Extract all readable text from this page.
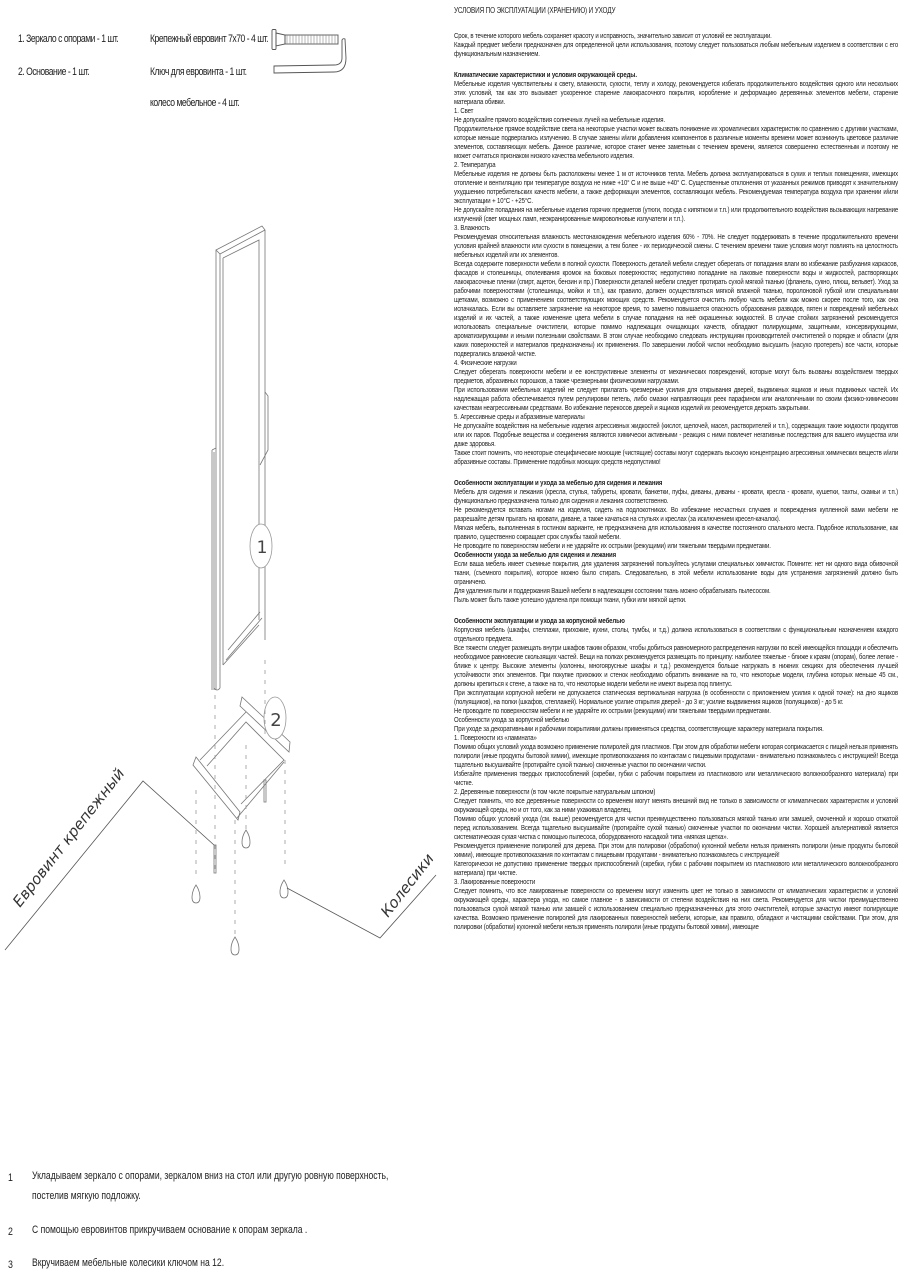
1. Зеркало с опорами - 1 шт.
2. Основание - 1 шт.
Крепежный евровинт 7х70 - 4 шт.
Ключ для евровинта - 1 шт.
колесо мебельное - 4 шт.
1
2
Евровинт крепежный	Колесики
1 Укладываем зеркало с опорами, зеркалом вниз на стол или другую ровную поверхность,
постелив мягкую подложку.
2 С помощью евровинтов прикручиваем основание к опорам зеркала .
3 Вкручиваем мебельные колесики ключом на 12.

УСЛОВИЯ ПО ЭКСПЛУАТАЦИИ (ХРАНЕНИЮ) И УХОДУ

Срок, в течение которого мебель сохраняет красоту и исправность, значительно зависит от условий ее эксплуатации.

Каждый предмет мебели предназначен для определенной цели использования, поэтому следует пользоваться любым мебельным изделием в соответствии с его функциональным назначением.

Климатические характеристики и условия окружающей среды.

Мебельные изделия чувствительны к свету, влажности, сухости, теплу и холоду, рекомендуется избегать продолжительного воздействия одного или нескольких этих условий, так как это вызывает ускоренное старение лакокрасочного покрытия, коробление и деформацию деревянных элементов мебели, старение материала обивки.

1. Свет

Не допускайте прямого воздействия солнечных лучей на мебельные изделия.

Продолжительное прямое воздействие света на некоторые участки может вызвать понижение их хроматических характеристик по сравнению с другими участками, которые меньше подвергались излучению. В случае замены и/или добавления компонентов в различные моменты времени может возникнуть цветовое различие элементов, составляющих мебель. Данное различие, которое станет менее заметным с течением времени, является совершенно естественным и поэтому не может считаться признаком низкого качества мебельного изделия.

2. Температура

Мебельные изделия не должны быть расположены менее 1 м от источников тепла. Мебель должна эксплуатироваться в сухих и теплых помещениях, имеющих отопление и вентиляцию при температуре воздуха не ниже +10° С и не выше +40° С. Существенные отклонения от указанных режимов приводят к значительному ухудшению потребительских качеств мебели, а также деформации элементов, составляющих мебель. Рекомендуемая температура воздуха при хранении и/или эксплуатации + 10°С - +25°С.

Не допускайте попадания на мебельные изделия горячих предметов (утюги, посуда с кипятком и т.п.) или продолжительного воздействия вызывающих нагревание излучений (свет мощных ламп, неэкранированные микроволновые излучатели и т.п.).

3. Влажность

Рекомендуемая относительная влажность местонахождения мебельного изделия 60% - 70%. Не следует поддерживать в течение продолжительного времени условия крайней влажности или сухости в помещении, а тем более - их периодической смены. С течением времени такие условия могут повлиять на целостность мебельных изделий или их элементов.

Всегда содержите поверхности мебели в полной сухости. Поверхность деталей мебели следует оберегать от попадания влаги во избежание разбухания каркасов, фасадов и столешницы, отклеивания кромок на боковых поверхностях; недопустимо попадание на лаковые поверхности воды и жидкостей, растворяющих лакокрасочные пленки (спирт, ацетон, бензин и пр.) Поверхности деталей мебели следует протирать сухой мягкой тканью (фланель, сукно, плющ, вельвет). Уход за рабочими поверхностями (столешницы, мойки и т.п.), как правило, должен осуществляться мягкой влажной тканью, поролоновой губкой или специальными щетками, возможно с применением соответствующих моющих средств. Рекомендуется очистить любую часть мебели как можно скорее после того, как она испачкалась. Если вы оставляете загрязнение на некоторое время, то заметно повышается опасность образования разводов, пятен и повреждений мебельных изделий и их частей, а также изменение цвета мебели в случае попадания на неё окрашенных жидкостей. В случае стойких загрязнений рекомендуется использовать специальные очистители, которые помимо надлежащих очищающих качеств, обладают полирующими, защитными, консервирующими, ароматизирующими и иными полезными свойствами. В этом случае необходимо следовать инструкциям производителей очистителей о порядке и области (для каких поверхностей и материалов предназначены) их применения. По завершении любой чистки необходимо высушить (насухо протереть) все части, которые подвергались влажной чистке.

4. Физические нагрузки

Следует оберегать поверхности мебели и ее конструктивные элементы от механических повреждений, которые могут быть вызваны воздействием твердых предметов, абразивных порошков, а также чрезмерными физическими нагрузками.

При использовании мебельных изделий не следует прилагать чрезмерные усилия для открывания дверей, выдвижных ящиков и иных подвижных частей. Их надлежащая работа обеспечивается путем регулировки петель, либо смазки направляющих реек парафином или аналогичными по своим физико-химическим качествам неагрессивными средствами. Во избежание перекосов дверей и ящиков изделий их рекомендуется держать закрытыми.

5. Агрессивные среды и абразивные материалы

Не допускайте воздействия на мебельные изделия агрессивных жидкостей (кислот, щелочей, масел, растворителей и т.п.), содержащих такие жидкости продуктов или их паров. Подобные вещества и соединения являются химически активными - реакция с ними повлечет негативные последствия для вашего имущества или даже здоровья.

Также стоит помнить, что некоторые специфические моющие (чистящие) составы могут содержать высокую концентрацию агрессивных химических веществ и/или абразивные составы. Применение подобных моющих средств недопустимо!

Особенности эксплуатации и ухода за мебелью для сидения и лежания

Мебель для сидения и лежания (кресла, стулья, табуреты, кровати, банкетки, пуфы, диваны, диваны - кровати, кресла - кровати, кушетки, тахты, скамьи и т.п.) функционально предназначена только для сидения и лежания соответственно.

Не рекомендуется вставать ногами на изделия, сидеть на подлокотниках. Во избежание несчастных случаев и повреждения купленной вами мебели не разрешайте детям прыгать на кровати, диване, а также качаться на стульях и креслах (за исключением кресел-качалок).

Мягкая мебель, выполненная в гостином варианте, не предназначена для использования в качестве постоянного спального места. Подобное использование, как правило, существенно сокращает срок службы такой мебели.

Не проводите по поверхностям мебели и не ударяйте их острыми (режущими) или тяжелыми твердыми предметами.

Особенности ухода за мебелью для сидения и лежания

Если ваша мебель имеет съемные покрытия, для удаления загрязнений пользуйтесь услугами специальных химчисток. Помните: нет ни одного вида обивочной ткани, (съемного покрытия), которое можно было стирать. Следовательно, в этой мебели использование воды для устранения загрязнений должно быть ограничено.

Для удаления пыли и поддержания Вашей мебели в надлежащем состоянии ткань можно обрабатывать пылесосом.

Пыль может быть также успешно удалена при помощи ткани, губки или мягкой щетки.

Особенности эксплуатации и ухода за корпусной мебелью

Корпусная мебель (шкафы, стеллажи, прихожие, кухни, столы, тумбы, и т.д.) должна использоваться в соответствии с функциональным назначением каждого отдельного предмета.

Все тяжести следует размещать внутри шкафов таким образом, чтобы добиться равномерного распределения нагрузки по всей имеющейся площади и обеспечить необходимое равновесие скользящих частей. Вещи на полках рекомендуется размещать по принципу: наиболее тяжелые - ближе к краям (опорам), более легкие - ближе к центру. Высокие элементы (колонны, многоярусные шкафы и т.д.) рекомендуется больше нагружать в нижних секциях для обеспечения лучшей устойчивости этих элементов. При покупке прихожих и стенок необходимо обратить внимание на то, что некоторые модели, глубина которых меньше 45 см., должны крепиться к стене, а также на то, что некоторые модели мебели не имеют выреза под плинтус.

При эксплуатации корпусной мебели не допускается статическая вертикальная нагрузка (в особенности с приложением усилия к одной точке): на дно ящиков (полуящиков), на полки (шкафов, стеллажей). Нормальное усилие открытия дверей - до 3 кг; усилие выдвижения ящиков (полуящиков) - до 5 кг.

Не проводите по поверхностям мебели и не ударяйте их острыми (режущими) или тяжелыми твердыми предметами.

Особенности ухода за корпусной мебелью

При уходе за декоративными и рабочими покрытиями должны применяться средства, соответствующие характеру материала покрытия.

1. Поверхности из «ламината»

Помимо общих условий ухода возможно применение полиролей для пластиков. При этом для обработки мебели которая соприкасается с пищей нельзя применять полироли (иные продукты бытовой химии), имеющие противопоказания по контактам с пищевыми продуктами - внимательно познакомьтесь с инструкцией! Всегда тщательно высушивайте (протирайте сухой тканью) смоченные участки по окончании чистки.

Избегайте применения твердых приспособлений (скребки, губки с рабочим покрытием из пластикового или металлического волокнообразного материала) при чистке.

2. Деревянные поверхности (в том числе покрытые натуральным шпоном)

Следует помнить, что все деревянные поверхности со временем могут менять внешний вид не только в зависимости от климатических характеристик и условий окружающей среды, но и от того, как за ними ухаживал владелец.

Помимо общих условий ухода (см. выше) рекомендуется для чистки преимущественно пользоваться мягкой тканью или замшей, смоченной и хорошо отжатой перед использованием. Всегда тщательно высушивайте (протирайте сухой тканью) смоченные участки по окончании чистки. Хорошей альтернативой является систематическая сухая чистка с помощью пылесоса, оборудованного насадкой типа «мягкая щетка».

Рекомендуется применение полиролей для дерева. При этом для полировки (обработки) кухонной мебели нельзя применять полироли (иные продукты бытовой химии), имеющие противопоказания по контактам с пищевыми продуктами - внимательно познакомьтесь с инструкцией!

Категорически не допустимо применение твердых приспособлений (скребки, губки с рабочим покрытием из пластикового или металлического волокнообразного материала) при чистке.

3. Лакированные поверхности

Следует помнить, что все лакированные поверхности со временем могут изменить цвет не только в зависимости от климатических характеристик и условий окружающей среды, характера ухода, но самое главное - в зависимости от степени воздействия на них света. Рекомендуется для чистки преимущественно пользоваться сухой мягкой тканью или замшей с использованием специально предназначенных для этого очистителей, которые зачастую имеют полирующие качества. Возможно применение полиролей для лакированных поверхностей мебели, которые, как правило, обладают и чистящими свойствами. При этом, для полировки (обработки) кухонной мебели нельзя применять полироли (иные продукты бытовой химии), имеющие
